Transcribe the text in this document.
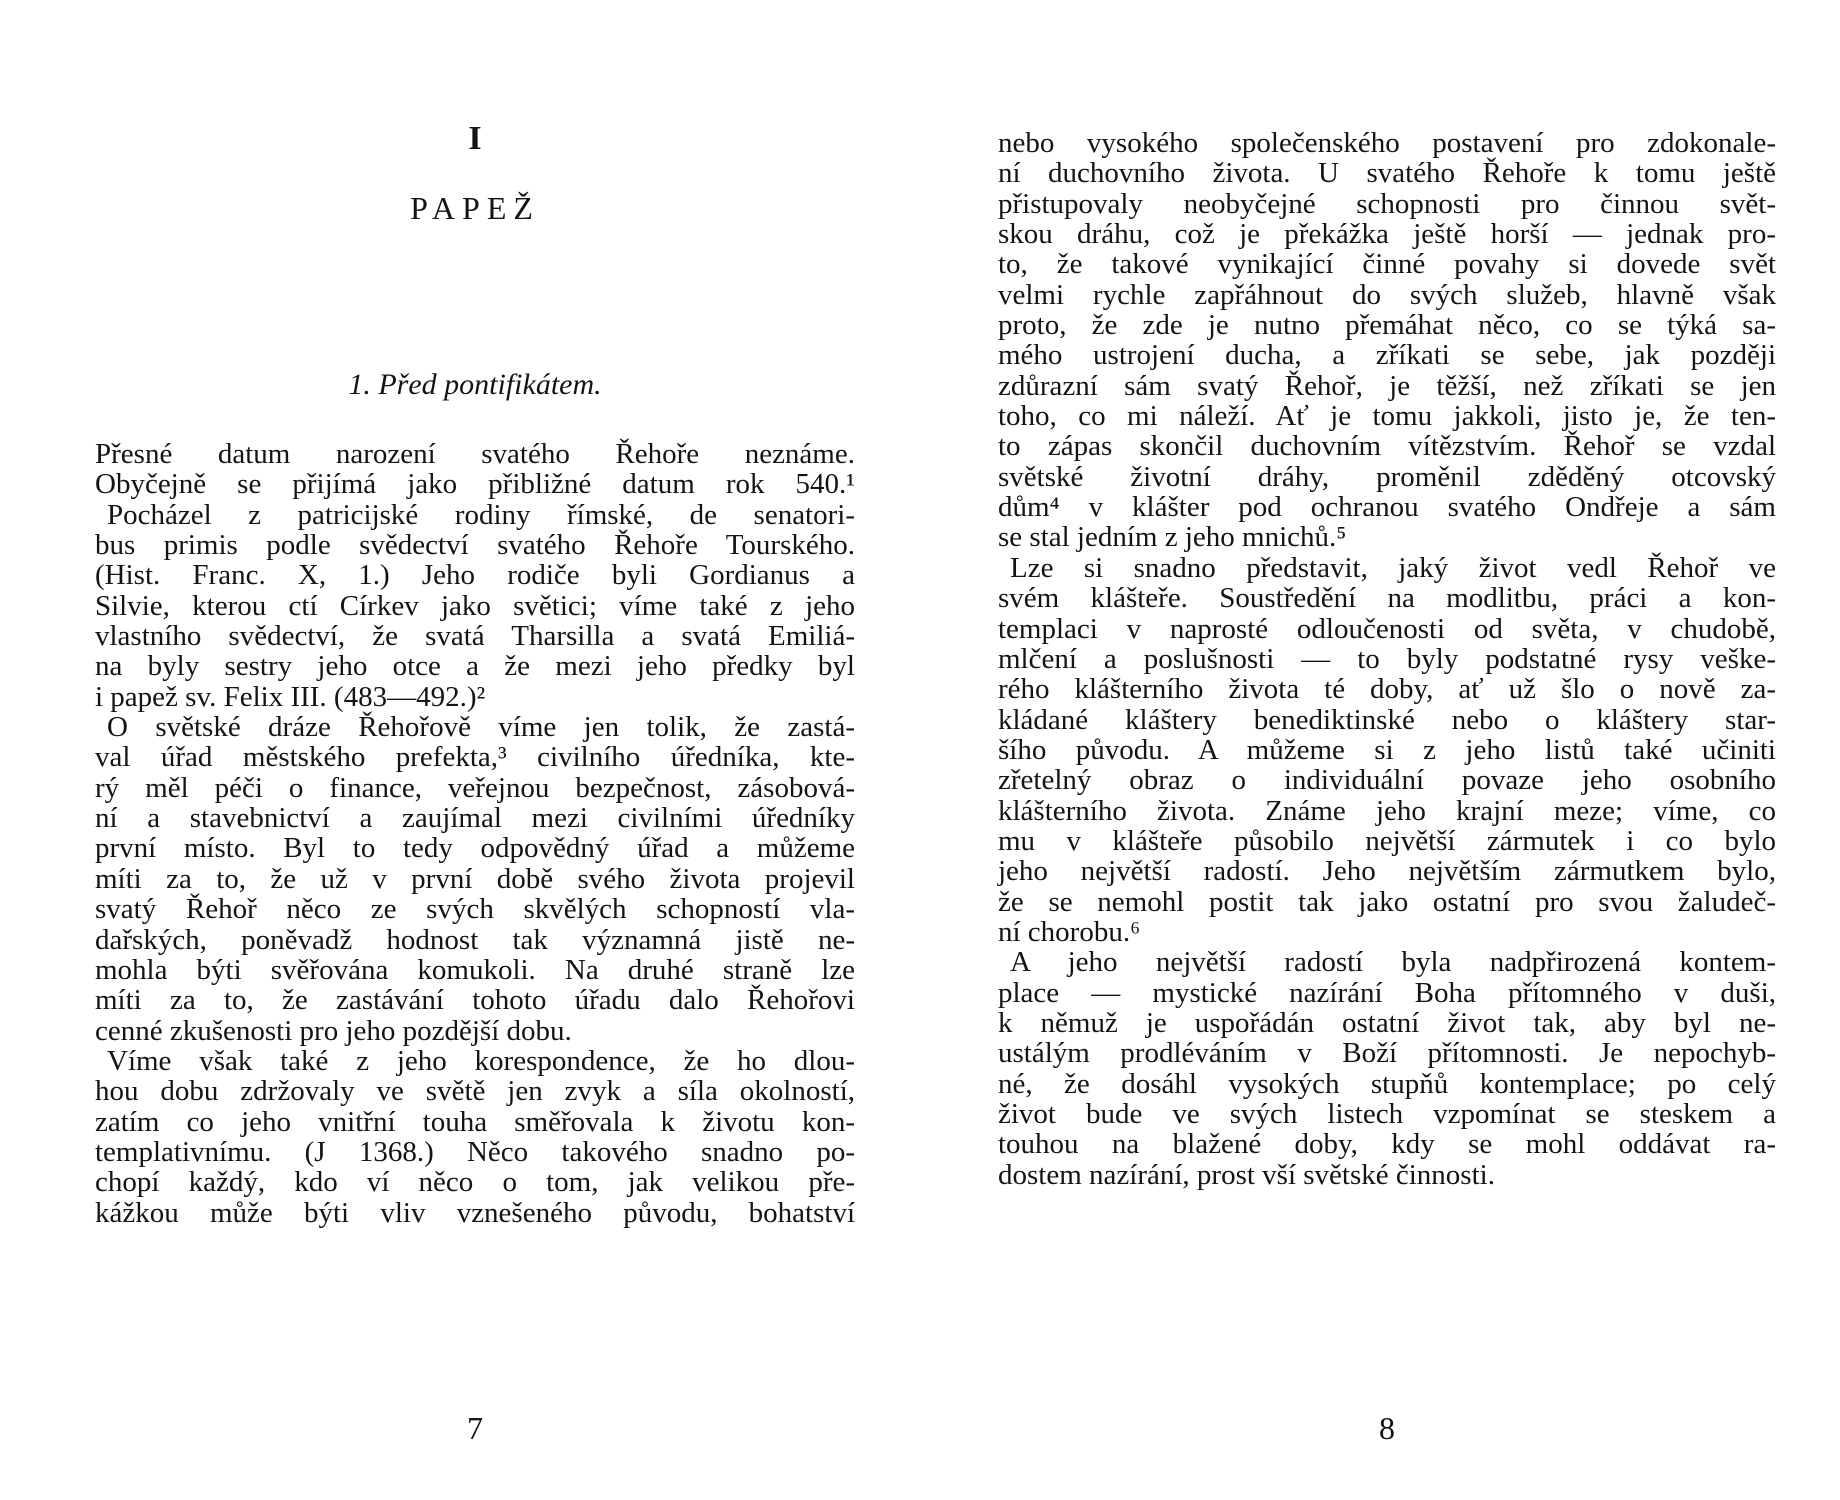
I
PAPEŽ
1. Před pontifikátem.
Přesné datum narození svatého Řehoře neznáme.
Obyčejně se přijímá jako přibližné datum rok 540.¹
Pocházel z patricijské rodiny římské, de senatori-
bus primis podle svědectví svatého Řehoře Tourského.
(Hist. Franc. X, 1.) Jeho rodiče byli Gordianus a
Silvie, kterou ctí Církev jako světici; víme také z jeho
vlastního svědectví, že svatá Tharsilla a svatá Emiliá-
na byly sestry jeho otce a že mezi jeho předky byl
i papež sv. Felix III. (483—492.)²
O světské dráze Řehořově víme jen tolik, že zastá-
val úřad městského prefekta,³ civilního úředníka, kte-
rý měl péči o finance, veřejnou bezpečnost, zásobová-
ní a stavebnictví a zaujímal mezi civilními úředníky
první místo. Byl to tedy odpovědný úřad a můžeme
míti za to, že už v první době svého života projevil
svatý Řehoř něco ze svých skvělých schopností vla-
dařských, poněvadž hodnost tak významná jistě ne-
mohla býti svěřována komukoli. Na druhé straně lze
míti za to, že zastávání tohoto úřadu dalo Řehořovi
cenné zkušenosti pro jeho pozdější dobu.
Víme však také z jeho korespondence, že ho dlou-
hou dobu zdržovaly ve světě jen zvyk a síla okolností,
zatím co jeho vnitřní touha směřovala k životu kon-
templativnímu. (J 1368.) Něco takového snadno po-
chopí každý, kdo ví něco o tom, jak velikou pře-
kážkou může býti vliv vznešeného původu, bohatství
7
nebo vysokého společenského postavení pro zdokonale-
ní duchovního života. U svatého Řehoře k tomu ještě
přistupovaly neobyčejné schopnosti pro činnou svět-
skou dráhu, což je překážka ještě horší — jednak pro-
to, že takové vynikající činné povahy si dovede svět
velmi rychle zapřáhnout do svých služeb, hlavně však
proto, že zde je nutno přemáhat něco, co se týká sa-
mého ustrojení ducha, a zříkati se sebe, jak později
zdůrazní sám svatý Řehoř, je těžší, než zříkati se jen
toho, co mi náleží. Ať je tomu jakkoli, jisto je, že ten-
to zápas skončil duchovním vítězstvím. Řehoř se vzdal
světské životní dráhy, proměnil zděděný otcovský
dům⁴ v klášter pod ochranou svatého Ondřeje a sám
se stal jedním z jeho mnichů.⁵
Lze si snadno představit, jaký život vedl Řehoř ve
svém klášteře. Soustředění na modlitbu, práci a kon-
templaci v naprosté odloučenosti od světa, v chudobě,
mlčení a poslušnosti — to byly podstatné rysy veške-
rého klášterního života té doby, ať už šlo o nově za-
kládané kláštery benediktinské nebo o kláštery star-
šího původu. A můžeme si z jeho listů také učiniti
zřetelný obraz o individuální povaze jeho osobního
klášterního života. Známe jeho krajní meze; víme, co
mu v klášteře působilo největší zármutek i co bylo
jeho největší radostí. Jeho největším zármutkem bylo,
že se nemohl postit tak jako ostatní pro svou žaludeč-
ní chorobu.⁶
A jeho největší radostí byla nadpřirozená kontem-
place — mystické nazírání Boha přítomného v duši,
k němuž je uspořádán ostatní život tak, aby byl ne-
ustálým prodléváním v Boží přítomnosti. Je nepochyb-
né, že dosáhl vysokých stupňů kontemplace; po celý
život bude ve svých listech vzpomínat se steskem a
touhou na blažené doby, kdy se mohl oddávat ra-
dostem nazírání, prost vší světské činnosti.
8
